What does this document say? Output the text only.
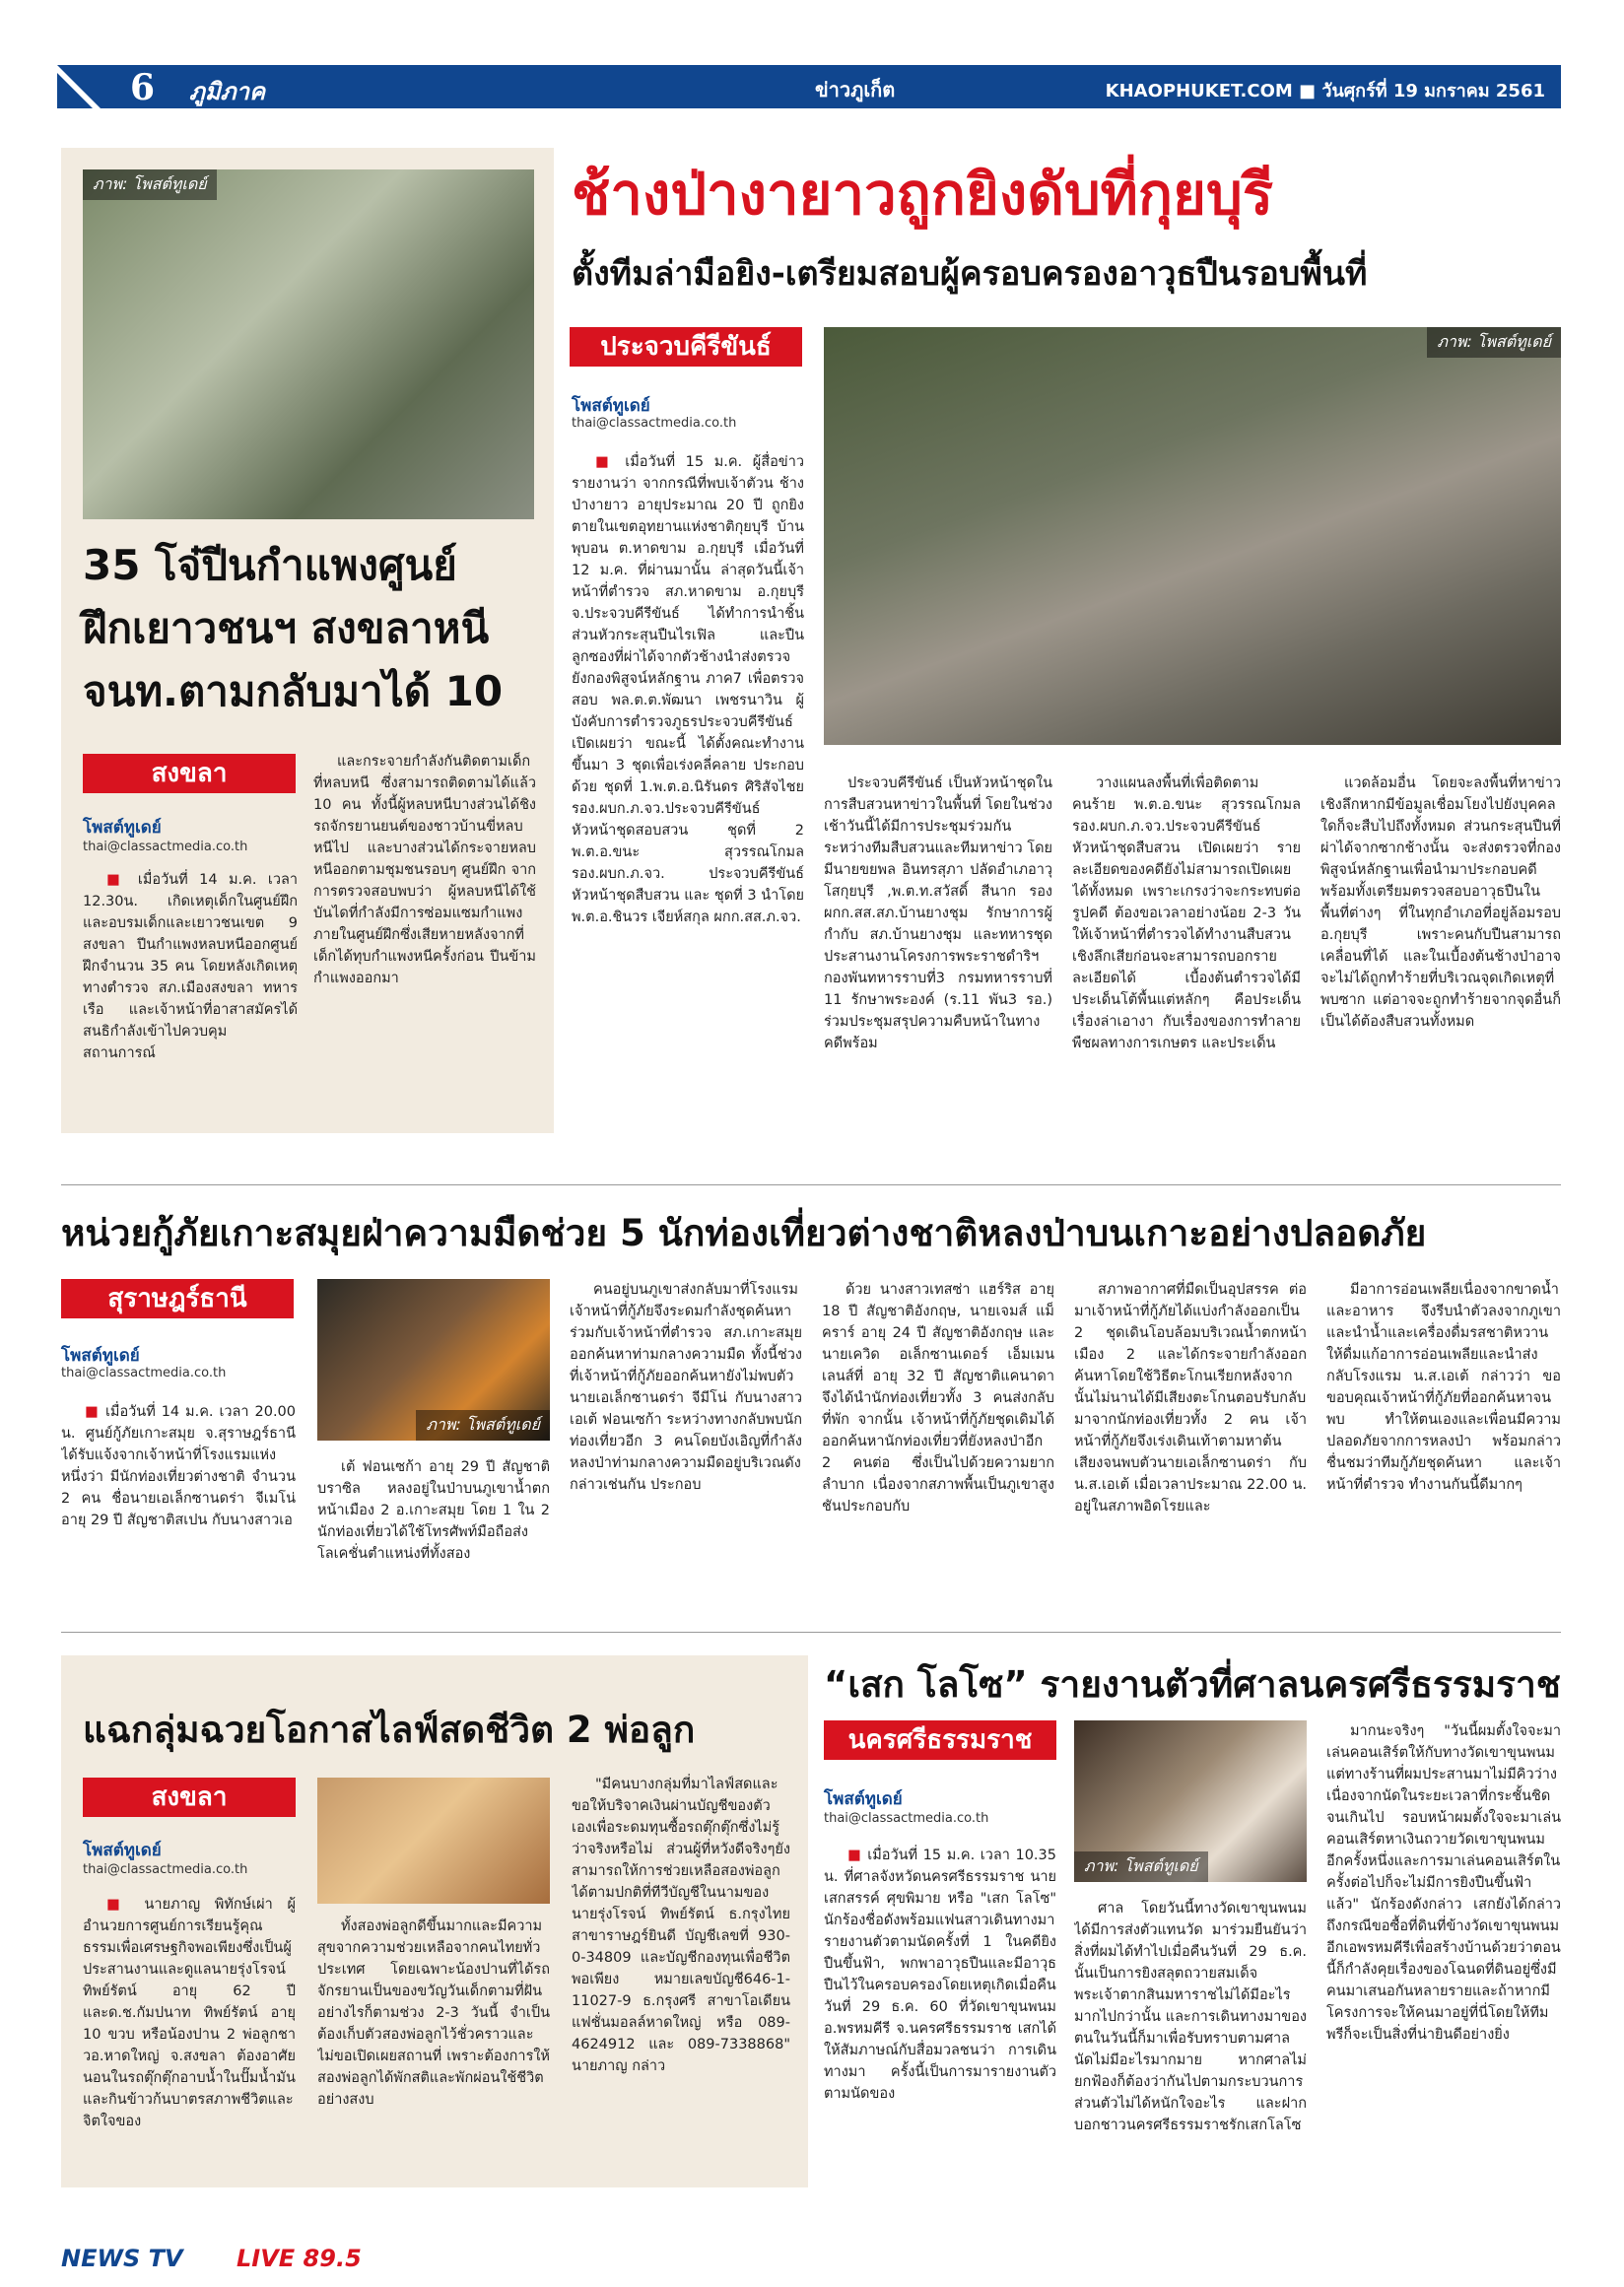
6 ภูมิภาค	ข่าวภูเก็ต	KHAOPHUKET.COM ■ วันศุกร์ที่ 19 มกราคม 2561
ภาพ: โพสต์ทูเดย์
35 โจ๋ปีนกำแพงศูนย์
ฝึกเยาวชนฯ สงขลาหนี
จนท.ตามกลับมาได้ 10
สงขลา
โพสต์ทูเดย์
thai@classactmedia.co.th

■ เมื่อวันที่ 14 ม.ค. เวลา 12.30น. เกิดเหตุเด็กในศูนย์ฝึกและอบรมเด็กและเยาวชนเขต 9 สงขลา ปีนกำแพงหลบหนีออกศูนย์ฝึกจำนวน 35 คน โดยหลังเกิดเหตุทางตำรวจ สภ.เมืองสงขลา ทหารเรือ และเจ้าหน้าที่อาสาสมัครได้สนธิกำลังเข้าไปควบคุมสถานการณ์

และกระจายกำลังกันติดตามเด็กที่หลบหนี ซึ่งสามารถติดตามได้แล้ว 10 คน ทั้งนี้ผู้หลบหนีบางส่วนได้ชิงรถจักรยานยนต์ของชาวบ้านขี่หลบหนีไป และบางส่วนได้กระจายหลบหนีออกตามชุมชนรอบๆ ศูนย์ฝึก จากการตรวจสอบพบว่า ผู้หลบหนีได้ใช้บันไดที่กำลังมีการซ่อมแซมกำแพงภายในศูนย์ฝึกซึ่งเสียหายหลังจากที่เด็กได้ทุบกำแพงหนีครั้งก่อน ปีนข้ามกำแพงออกมา

ช้างป่างายาวถูกยิงดับที่กุยบุรี
ตั้งทีมล่ามือยิง-เตรียมสอบผู้ครอบครองอาวุธปืนรอบพื้นที่
ประจวบคีรีขันธ์	ภาพ: โพสต์ทูเดย์
โพสต์ทูเดย์
thai@classactmedia.co.th

■ เมื่อวันที่ 15 ม.ค. ผู้สื่อข่าวรายงานว่า จากกรณีที่พบเจ้าตัวน ช้างป่างายาว อายุประมาณ 20 ปี ถูกยิงตายในเขตอุทยานแห่งชาติกุยบุรี บ้านพุบอน ต.หาดขาม อ.กุยบุรี เมื่อวันที่ 12 ม.ค. ที่ผ่านมานั้น ล่าสุดวันนี้เจ้าหน้าที่ตำรวจ สภ.หาดขาม อ.กุยบุรี จ.ประจวบคีรีขันธ์ ได้ทำการนำชิ้นส่วนหัวกระสุนปืนไรเฟิล และปืนลูกซองที่ผ่าได้จากตัวช้างนำส่งตรวจยังกองพิสูจน์หลักฐาน ภาค7 เพื่อตรวจสอบ พล.ต.ต.พัฒนา เพชรนาวิน ผู้บังคับการตำรวจภูธรประจวบคีรีขันธ์ เปิดเผยว่า ขณะนี้ ได้ตั้งคณะทำงานขึ้นมา 3 ชุดเพื่อเร่งคลี่คลาย ประกอบด้วย ชุดที่ 1.พ.ต.อ.นิรันดร ศิริสัจไชย รอง.ผบก.ภ.จว.ประจวบคีรีขันธ์ หัวหน้าชุดสอบสวน ชุดที่ 2 พ.ต.อ.ขนะ สุวรรณโกมล รอง.ผบก.ภ.จว. ประจวบคีรีขันธ์ หัวหน้าชุดสืบสวน และ ชุดที่ 3 นำโดย พ.ต.อ.ชินวร เจียห์สกุล ผกก.สส.ภ.จว.

ประจวบคีรีขันธ์ เป็นหัวหน้าชุดในการสืบสวนหาข่าวในพื้นที่ โดยในช่วงเช้าวันนี้ได้มีการประชุมร่วมกันระหว่างทีมสืบสวนและทีมหาข่าว โดยมีนายขยพล อินทรสุภา ปลัดอำเภอาวุโสกุยบุรี ,พ.ต.ท.สวัสดิ์ สีนาก รอง ผกก.สส.สภ.บ้านยางชุม รักษาการผู้กำกับ สภ.บ้านยางชุม และทหารชุดประสานงานโครงการพระราชดำริฯ กองพันทหารราบที่3 กรมทหารราบที่ 11 รักษาพระองค์ (ร.11 พัน3 รอ.) ร่วมประชุมสรุปความคืบหน้าในทางคดีพร้อม

วางแผนลงพื้นที่เพื่อติดตามคนร้าย พ.ต.อ.ขนะ สุวรรณโกมล รอง.ผบก.ภ.จว.ประจวบคีรีขันธ์ หัวหน้าชุดสืบสวน เปิดเผยว่า รายละเอียดของคดียังไม่สามารถเปิดเผยได้ทั้งหมด เพราะเกรงว่าจะกระทบต่อรูปคดี ต้องขอเวลาอย่างน้อย 2-3 วันให้เจ้าหน้าที่ตำรวจได้ทำงานสืบสวนเชิงลึกเสียก่อนจะสามารถบอกรายละเอียดได้ เบื้องต้นตำรวจได้มีประเด็นโต้พื้นแต่หลักๆ คือประเด็นเรื่องล่าเอางา กับเรื่องของการทำลายพืชผลทางการเกษตร และประเด็น

แวดล้อมอื่น โดยจะลงพื้นที่หาข่าวเชิงลึกหากมีข้อมูลเชื่อมโยงไปยังบุคคลใดก็จะสืบไปถึงทั้งหมด ส่วนกระสุนปืนที่ผ่าได้จากซากช้างนั้น จะส่งตรวจที่กองพิสูจน์หลักฐานเพื่อนำมาประกอบคดี พร้อมทั้งเตรียมตรวจสอบอาวุธปืนในพื้นที่ต่างๆ ที่ในทุกอำเภอที่อยู่ล้อมรอบ อ.กุยบุรี เพราะคนกับปืนสามารถเคลื่อนที่ได้ และในเบื้องต้นช้างป่าอาจจะไม่ได้ถูกทำร้ายที่บริเวณจุดเกิดเหตุที่พบซาก แต่อาจจะถูกทำร้ายจากจุดอื่นก็เป็นได้ต้องสืบสวนทั้งหมด

หน่วยกู้ภัยเกาะสมุยฝ่าความมืดช่วย 5 นักท่องเที่ยวต่างชาติหลงป่าบนเกาะอย่างปลอดภัย
สุราษฎร์ธานี
โพสต์ทูเดย์
thai@classactmedia.co.th

■ เมื่อวันที่ 14 ม.ค. เวลา 20.00 น. ศูนย์กู้ภัยเกาะสมุย จ.สุราษฎร์ธานี ได้รับแจ้งจากเจ้าหน้าที่โรงแรมแห่งหนึ่งว่า มีนักท่องเที่ยวต่างชาติ จำนวน 2 คน ชื่อนายเอเล็กซานดร่า จีเมโน่ อายุ 29 ปี สัญชาติสเปน กับนางสาวเอ

ภาพ: โพสต์ทูเดย์

เต้ ฟอนเซก้า อายุ 29 ปี สัญชาติบราซิล หลงอยู่ในป่าบนภูเขาน้ำตกหน้าเมือง 2 อ.เกาะสมุย โดย 1 ใน 2 นักท่องเที่ยวได้ใช้โทรศัพท์มือถือส่งโลเคชั่นตำแหน่งที่ทั้งสอง

คนอยู่บนภูเขาส่งกลับมาที่โรงแรม เจ้าหน้าที่กู้ภัยจึงระดมกำลังชุดค้นหาร่วมกับเจ้าหน้าที่ตำรวจ สภ.เกาะสมุย ออกค้นหาท่ามกลางความมืด ทั้งนี้ช่วงที่เจ้าหน้าที่กู้ภัยออกค้นหายังไม่พบตัวนายเอเล็กซานดร่า จีมีโน่ กับนางสาวเอเต้ ฟอนเซก้า ระหว่างทางกลับพบนักท่องเที่ยวอีก 3 คนโดยบังเอิญที่กำลังหลงป่าท่ามกลางความมืดอยู่บริเวณดังกล่าวเช่นกัน ประกอบ

ด้วย นางสาวเทสซ่า แฮร์ริส อายุ 18 ปี สัญชาติอังกฤษ, นายเจมส์ แม็คราร์ อายุ 24 ปี สัญชาติอังกฤษ และนายเควิด อเล็กซานเดอร์ เอ็มเมนเลนส์ที่ อายุ 32 ปี สัญชาติแคนาดา จึงได้นำนักท่องเที่ยวทั้ง 3 คนส่งกลับที่พัก จากนั้น เจ้าหน้าที่กู้ภัยชุดเดิมได้ออกค้นหานักท่องเที่ยวที่ยังหลงป่าอีก 2 คนต่อ ซึ่งเป็นไปด้วยความยากลำบาก เนื่องจากสภาพพื้นเป็นภูเขาสูงชันประกอบกับ

สภาพอากาศที่มืดเป็นอุปสรรค ต่อมาเจ้าหน้าที่กู้ภัยได้แบ่งกำลังออกเป็น 2 ชุดเดินโอบล้อมบริเวณน้ำตกหน้าเมือง 2 และได้กระจายกำลังออกค้นหาโดยใช้วิธีตะโกนเรียกหลังจากนั้นไม่นานได้มีเสียงตะโกนตอบรับกลับมาจากนักท่องเที่ยวทั้ง 2 คน เจ้าหน้าที่กู้ภัยจึงเร่งเดินเท้าตามหาต้นเสียงจนพบตัวนายเอเล็กซานดร่า กับ น.ส.เอเต้ เมื่อเวลาประมาณ 22.00 น. อยู่ในสภาพอิดโรยและ

มีอาการอ่อนเพลียเนื่องจากขาดน้ำและอาหาร จึงรีบนำตัวลงจากภูเขาและนำน้ำและเครื่องดื่มรสชาติหวานให้ดื่มแก้อาการอ่อนเพลียและนำส่งกลับโรงแรม น.ส.เอเต้ กล่าวว่า ขอขอบคุณเจ้าหน้าที่กู้ภัยที่ออกค้นหาจนพบ ทำให้ตนเองและเพื่อนมีความปลอดภัยจากการหลงป่า พร้อมกล่าวชื่นชมว่าทีมกู้ภัยชุดค้นหา และเจ้าหน้าที่ตำรวจ ทำงานกันนี้ดีมากๆ

แฉกลุ่มฉวยโอกาสไลฟ์สดชีวิต 2 พ่อลูก
สงขลา
โพสต์ทูเดย์
thai@classactmedia.co.th

■ นายภาญ พิทักษ์เผ่า ผู้อำนวยการศูนย์การเรียนรู้คุณธรรมเพื่อเศรษฐกิจพอเพียงซึ่งเป็นผู้ประสานงานและดูแลนายรุ่งโรจน์ ทิพย์รัตน์ อายุ 62 ปี และด.ช.กัมปนาท ทิพย์รัตน์ อายุ 10 ขวบ หรือน้องปาน 2 พ่อลูกชาวอ.หาดใหญ่ จ.สงขลา ต้องอาศัยนอนในรถตุ๊กตุ๊กอาบน้ำในปั๊มน้ำมันและกินข้าวก้นบาตรสภาพชีวิตและจิตใจของ

ทั้งสองพ่อลูกดีขึ้นมากและมีความสุขจากความช่วยเหลือจากคนไทยทั่วประเทศ โดยเฉพาะน้องปานที่ได้รถจักรยานเป็นของขวัญวันเด็กตามที่ฝัน อย่างไรก็ตามช่วง 2-3 วันนี้ จำเป็นต้องเก็บตัวสองพ่อลูกไว้ชั่วคราวและไม่ขอเปิดเผยสถานที่ เพราะต้องการให้สองพ่อลูกได้พักสติและพักผ่อนใช้ชีวิตอย่างสงบ

"มีคนบางกลุ่มที่มาไลฟ์สดและขอให้บริจาคเงินผ่านบัญชีของตัวเองเพื่อระดมทุนซื้อรถตุ๊กตุ๊กซึ่งไม่รู้ว่าจริงหรือไม่ ส่วนผู้ที่หวังดีจริงๆยังสามารถให้การช่วยเหลือสองพ่อลูกได้ตามปกติที่ทีวีบัญชีในนามของนายรุ่งโรจน์ ทิพย์รัตน์ ธ.กรุงไทย สาขาราษฎร์ยินดี บัญชีเลขที่ 930-0-34809 และบัญชีกองทุนเพื่อชีวิตพอเพียง หมายเลขบัญชี646-1-11027-9 ธ.กรุงศรี สาขาโอเดียนแฟชั่นมอลล์หาดใหญ่ หรือ 089-4624912 และ 089-7338868" นายภาญ กล่าว

“เสก โลโซ” รายงานตัวที่ศาลนครศรีธรรมราช
นครศรีธรรมราช
โพสต์ทูเดย์
thai@classactmedia.co.th

■ เมื่อวันที่ 15 ม.ค. เวลา 10.35 น. ที่ศาลจังหวัดนครศรีธรรมราช นายเสกสรรค์ ศุขพิมาย หรือ "เสก โลโซ" นักร้องชื่อดังพร้อมแฟนสาวเดินทางมารายงานตัวตามนัดครั้งที่ 1 ในคดียิงปืนขึ้นฟ้า, พกพาอาวุธปืนและมีอาวุธปืนไว้ในครอบครองโดยเหตุเกิดเมื่อคืนวันที่ 29 ธ.ค. 60 ที่วัดเขาขุนพนม อ.พรหมคีรี จ.นครศรีธรรมราช เสกได้ให้สัมภาษณ์กับสื่อมวลชนว่า การเดินทางมา ครั้งนี้เป็นการมารายงานตัวตามนัดของ

ภาพ: โพสต์ทูเดย์

ศาล โดยวันนี้ทางวัดเขาขุนพนมได้มีการส่งตัวแทนวัด มาร่วมยืนยันว่าสิ่งที่ผมได้ทำไปเมื่อคืนวันที่ 29 ธ.ค. นั้นเป็นการยิงสลุตถวายสมเด็จพระเจ้าตากสินมหาราชไม่ได้มีอะไรมากไปกว่านั้น และการเดินทางมาของตนในวันนี้ก็มาเพื่อรับทราบตามศาลนัดไม่มีอะไรมากมาย หากศาลไม่ยกฟ้องก็ต้องว่ากันไปตามกระบวนการ ส่วนตัวไม่ได้หนักใจอะไร และฝากบอกชาวนครศรีธรรมราชรักเสกโลโซ

มากนะจริงๆ "วันนี้ผมตั้งใจจะมาเล่นคอนเสิร์ตให้กับทางวัดเขาขุนพนมแต่ทางร้านที่ผมประสานมาไม่มีคิวว่างเนื่องจากนัดในระยะเวลาที่กระชั้นชิดจนเกินไป รอบหน้าผมตั้งใจจะมาเล่นคอนเสิร์ตหาเงินถวายวัดเขาขุนพนมอีกครั้งหนึ่งและการมาเล่นคอนเสิร์ตในครั้งต่อไปก็จะไม่มีการยิงปืนขึ้นฟ้าแล้ว" นักร้องดังกล่าว เสกยังได้กล่าวถึงกรณีขอซื้อที่ดินที่ข้างวัดเขาขุนพนมอีกเอพรหมคีรีเพื่อสร้างบ้านด้วยว่าตอนนี้ก็กำลังคุยเรื่องของโฉนดที่ดินอยู่ซึ่งมีคนมาเสนอกันหลายรายและถ้าหากมีโครงการจะให้คนมาอยู่ที่นี่โดยให้ทีมพรีก็จะเป็นสิ่งที่น่ายินดีอย่างยิ่ง

NEWS TV LIVE 89.5
